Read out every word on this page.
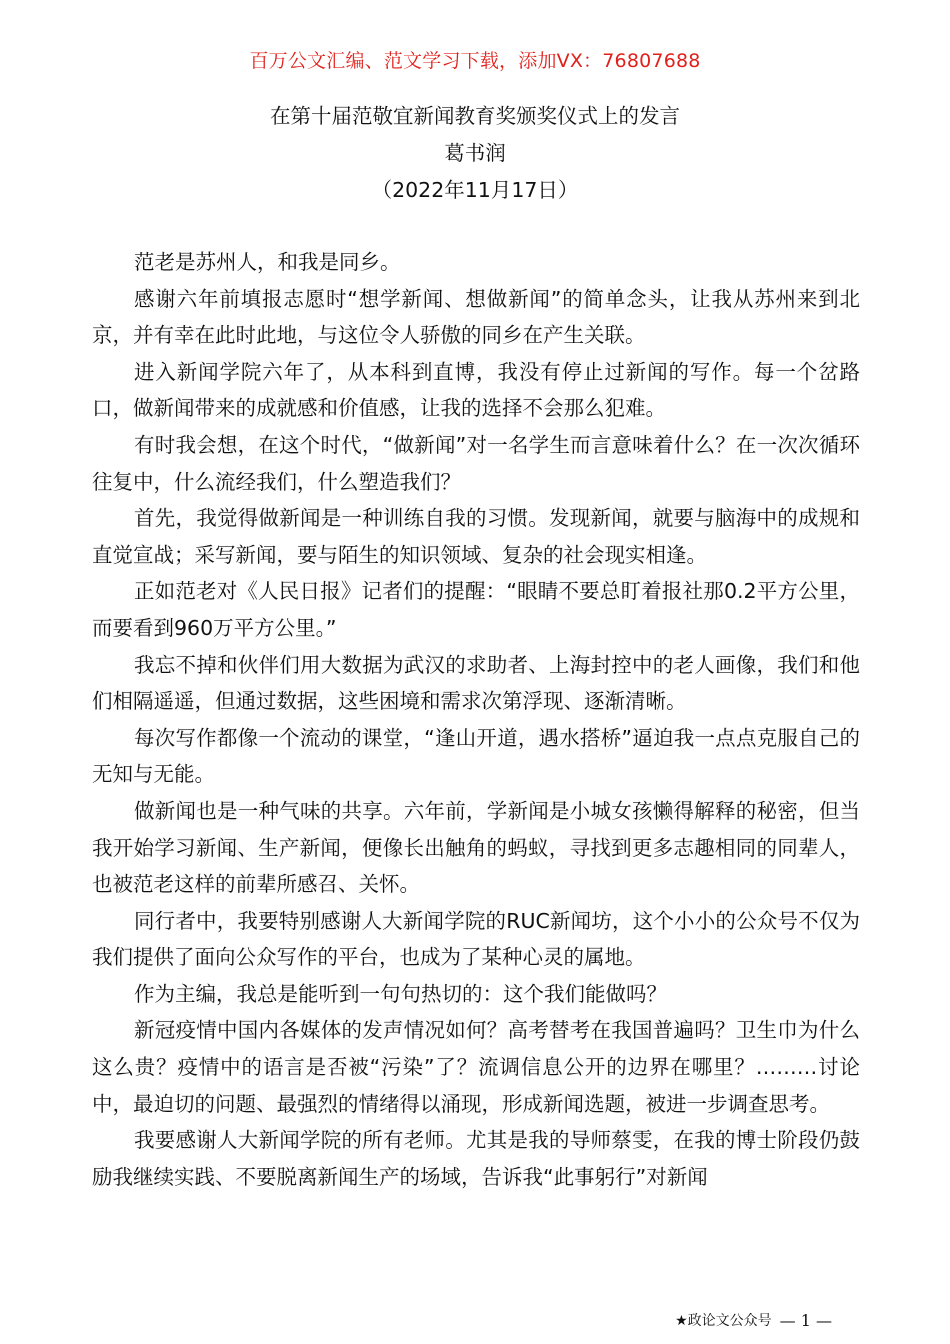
百万公文汇编、范文学习下载，添加VX：76807688
在第十届范敬宜新闻教育奖颁奖仪式上的发言
葛书润
（2022年11月17日）

范老是苏州人，和我是同乡。

感谢六年前填报志愿时“想学新闻、想做新闻”的简单念头，让我从苏州来到北京，并有幸在此时此地，与这位令人骄傲的同乡在产生关联。

进入新闻学院六年了，从本科到直博，我没有停止过新闻的写作。每一个岔路口，做新闻带来的成就感和价值感，让我的选择不会那么犯难。

有时我会想，在这个时代，“做新闻”对一名学生而言意味着什么？在一次次循环往复中，什么流经我们，什么塑造我们？

首先，我觉得做新闻是一种训练自我的习惯。发现新闻，就要与脑海中的成规和直觉宣战；采写新闻，要与陌生的知识领域、复杂的社会现实相逢。

正如范老对《人民日报》记者们的提醒：“眼睛不要总盯着报社那0.2平方公里，而要看到960万平方公里。”

我忘不掉和伙伴们用大数据为武汉的求助者、上海封控中的老人画像，我们和他们相隔遥遥，但通过数据，这些困境和需求次第浮现、逐渐清晰。

每次写作都像一个流动的课堂，“逢山开道，遇水搭桥”逼迫我一点点克服自己的无知与无能。

做新闻也是一种气味的共享。六年前，学新闻是小城女孩懒得解释的秘密，但当我开始学习新闻、生产新闻，便像长出触角的蚂蚁，寻找到更多志趣相同的同辈人，也被范老这样的前辈所感召、关怀。

同行者中，我要特别感谢人大新闻学院的RUC新闻坊，这个小小的公众号不仅为我们提供了面向公众写作的平台，也成为了某种心灵的属地。

作为主编，我总是能听到一句句热切的：这个我们能做吗？

新冠疫情中国内各媒体的发声情况如何？高考替考在我国普遍吗？卫生巾为什么这么贵？疫情中的语言是否被“污染”了？流调信息公开的边界在哪里？………讨论中，最迫切的问题、最强烈的情绪得以涌现，形成新闻选题，被进一步调查思考。

我要感谢人大新闻学院的所有老师。尤其是我的导师蔡雯，在我的博士阶段仍鼓励我继续实践、不要脱离新闻生产的场域，告诉我“此事躬行”对新闻

★政论文公众号 — 1 —
